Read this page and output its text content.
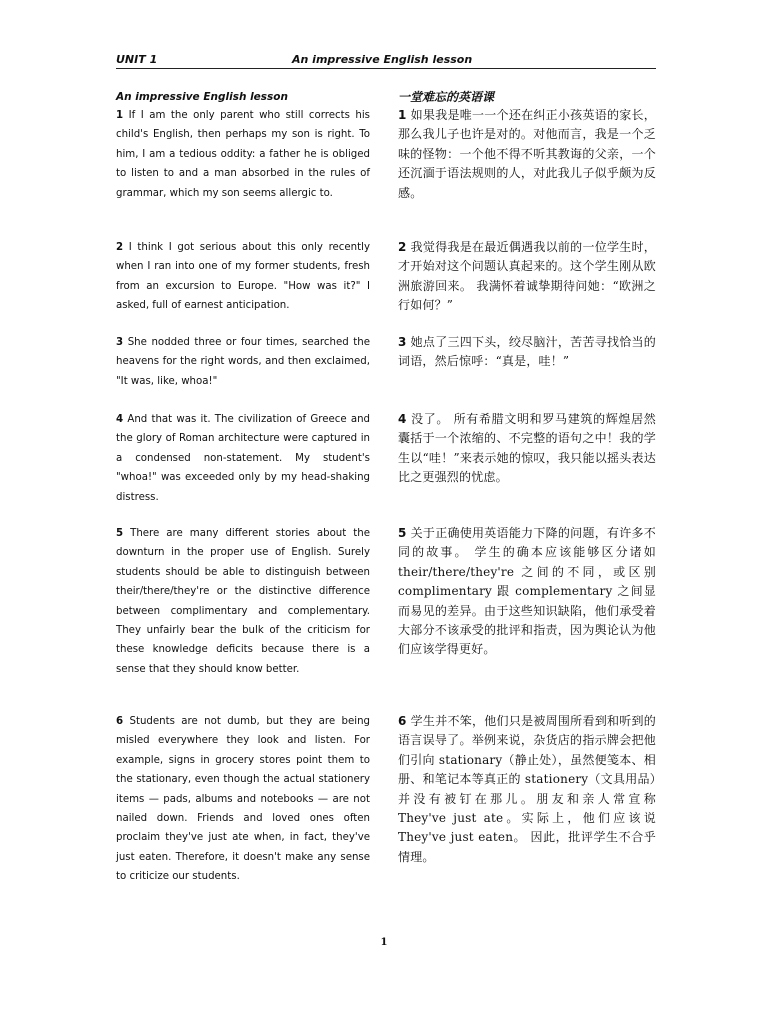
UNIT 1	An impressive English lesson

An impressive English lesson	一堂难忘的英语课

1 If I am the only parent who still corrects his child's English, then perhaps my son is right. To him, I am a tedious oddity: a father he is obliged to listen to and a man absorbed in the rules of grammar, which my son seems allergic to.

1 如果我是唯一一个还在纠正小孩英语的家长，那么我儿子也许是对的。对他而言，我是一个乏味的怪物：一个他不得不听其教诲的父亲，一个还沉湎于语法规则的人，对此我儿子似乎颇为反感。

2 I think I got serious about this only recently when I ran into one of my former students, fresh from an excursion to Europe. "How was it?" I asked, full of earnest anticipation.

2 我觉得我是在最近偶遇我以前的一位学生时，才开始对这个问题认真起来的。这个学生刚从欧洲旅游回来。 我满怀着诚挚期待问她：“欧洲之行如何？”

3 She nodded three or four times, searched the heavens for the right words, and then exclaimed, "It was, like, whoa!"

3 她点了三四下头，绞尽脑汁，苦苦寻找恰当的词语，然后惊呼：“真是，哇！”

4 And that was it. The civilization of Greece and the glory of Roman architecture were captured in a condensed non-statement. My student's "whoa!" was exceeded only by my head-shaking distress.

4 没了。 所有希腊文明和罗马建筑的辉煌居然囊括于一个浓缩的、不完整的语句之中！我的学生以“哇！”来表示她的惊叹，我只能以摇头表达比之更强烈的忧虑。

5 There are many different stories about the downturn in the proper use of English. Surely students should be able to distinguish between their/there/they're or the distinctive difference between complimentary and complementary. They unfairly bear the bulk of the criticism for these knowledge deficits because there is a sense that they should know better.

5 关于正确使用英语能力下降的问题，有许多不同的故事。 学生的确本应该能够区分诸如 their/there/they're 之间的不同，或区别 complimentary 跟 complementary 之间显而易见的差异。由于这些知识缺陷，他们承受着大部分不该承受的批评和指责，因为舆论认为他们应该学得更好。

6 Students are not dumb, but they are being misled everywhere they look and listen. For example, signs in grocery stores point them to the stationary, even though the actual stationery items — pads, albums and notebooks — are not nailed down. Friends and loved ones often proclaim they've just ate when, in fact, they've just eaten. Therefore, it doesn't make any sense to criticize our students.

6 学生并不笨，他们只是被周围所看到和听到的语言误导了。举例来说，杂货店的指示牌会把他们引向 stationary（静止处），虽然便笺本、相册、和笔记本等真正的 stationery（文具用品）并没有被钉在那儿。朋友和亲人常宣称 They've just ate。实际上，他们应该说 They've just eaten。 因此，批评学生不合乎情理。

1
